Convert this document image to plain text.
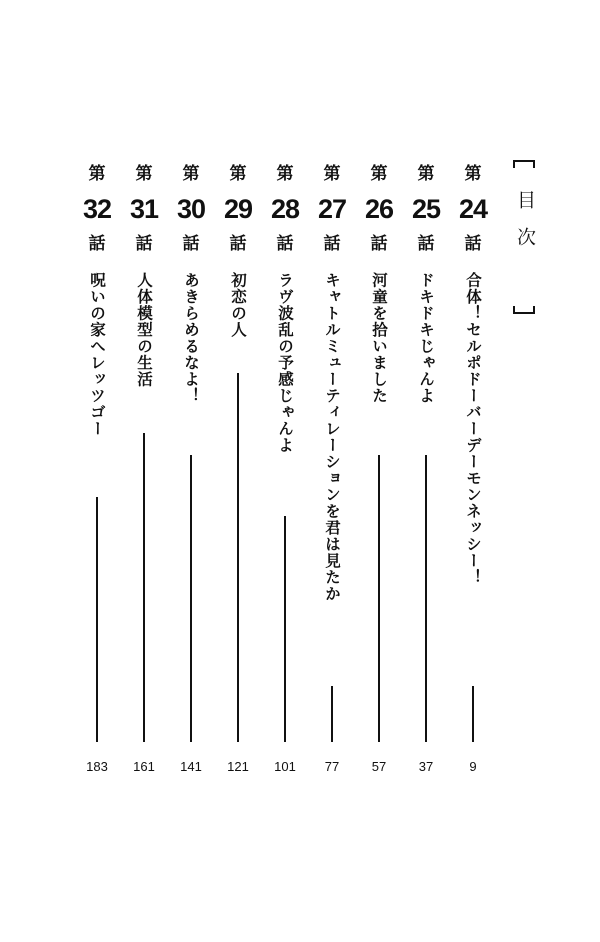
目次
第
24
話
合体！セルポドーバーデーモンネッシー！
9
第
25
話
ドキドキじゃんよ
37
第
26
話
河童を拾いました
57
第
27
話
キャトルミューティレーションを君は見たか
77
第
28
話
ラヴ波乱の予感じゃんよ
101
第
29
話
初恋の人
121
第
30
話
あきらめるなよ！
141
第
31
話
人体模型の生活
161
第
32
話
呪いの家へレッツゴー
183
